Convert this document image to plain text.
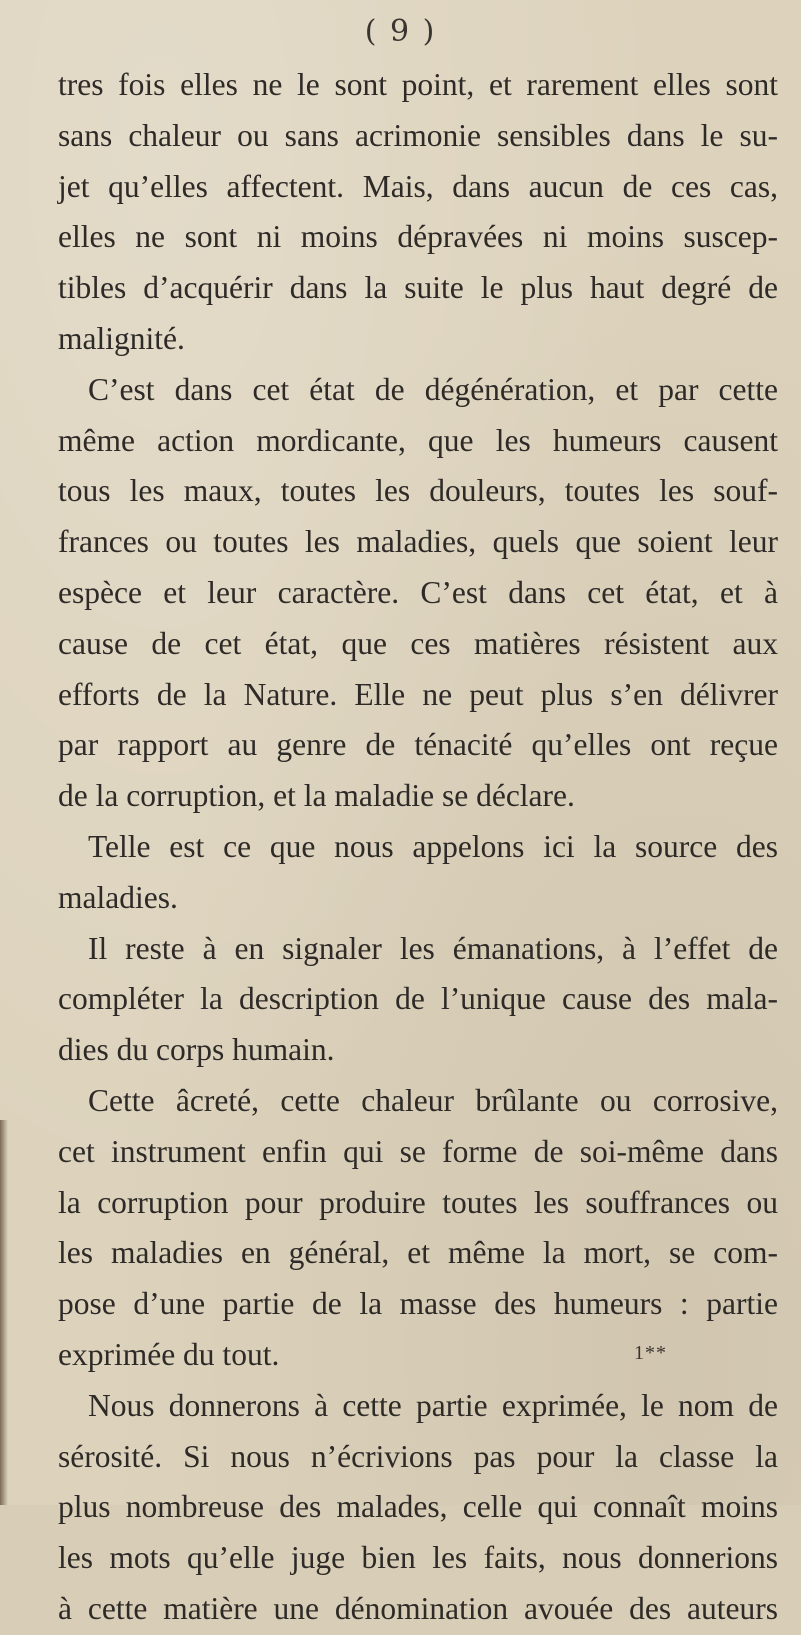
( 9 )
tres fois elles ne le sont point, et rarement elles sont
sans chaleur ou sans acrimonie sensibles dans le su-
jet qu’elles affectent. Mais, dans aucun de ces cas,
elles ne sont ni moins dépravées ni moins suscep-
tibles d’acquérir dans la suite le plus haut degré de
malignité.
C’est dans cet état de dégénération, et par cette
même action mordicante, que les humeurs causent
tous les maux, toutes les douleurs, toutes les souf-
frances ou toutes les maladies, quels que soient leur
espèce et leur caractère. C’est dans cet état, et à
cause de cet état, que ces matières résistent aux
efforts de la Nature. Elle ne peut plus s’en délivrer
par rapport au genre de ténacité qu’elles ont reçue
de la corruption, et la maladie se déclare.
Telle est ce que nous appelons ici la source des
maladies.
Il reste à en signaler les émanations, à l’effet de
compléter la description de l’unique cause des mala-
dies du corps humain.
Cette âcreté, cette chaleur brûlante ou corrosive,
cet instrument enfin qui se forme de soi-même dans
la corruption pour produire toutes les souffrances ou
les maladies en général, et même la mort, se com-
pose d’une partie de la masse des humeurs : partie
exprimée du tout.
Nous donnerons à cette partie exprimée, le nom de
sérosité. Si nous n’écrivions pas pour la classe la
plus nombreuse des malades, celle qui connaît moins
les mots qu’elle juge bien les faits, nous donnerions
à cette matière une dénomination avouée des auteurs
1**
